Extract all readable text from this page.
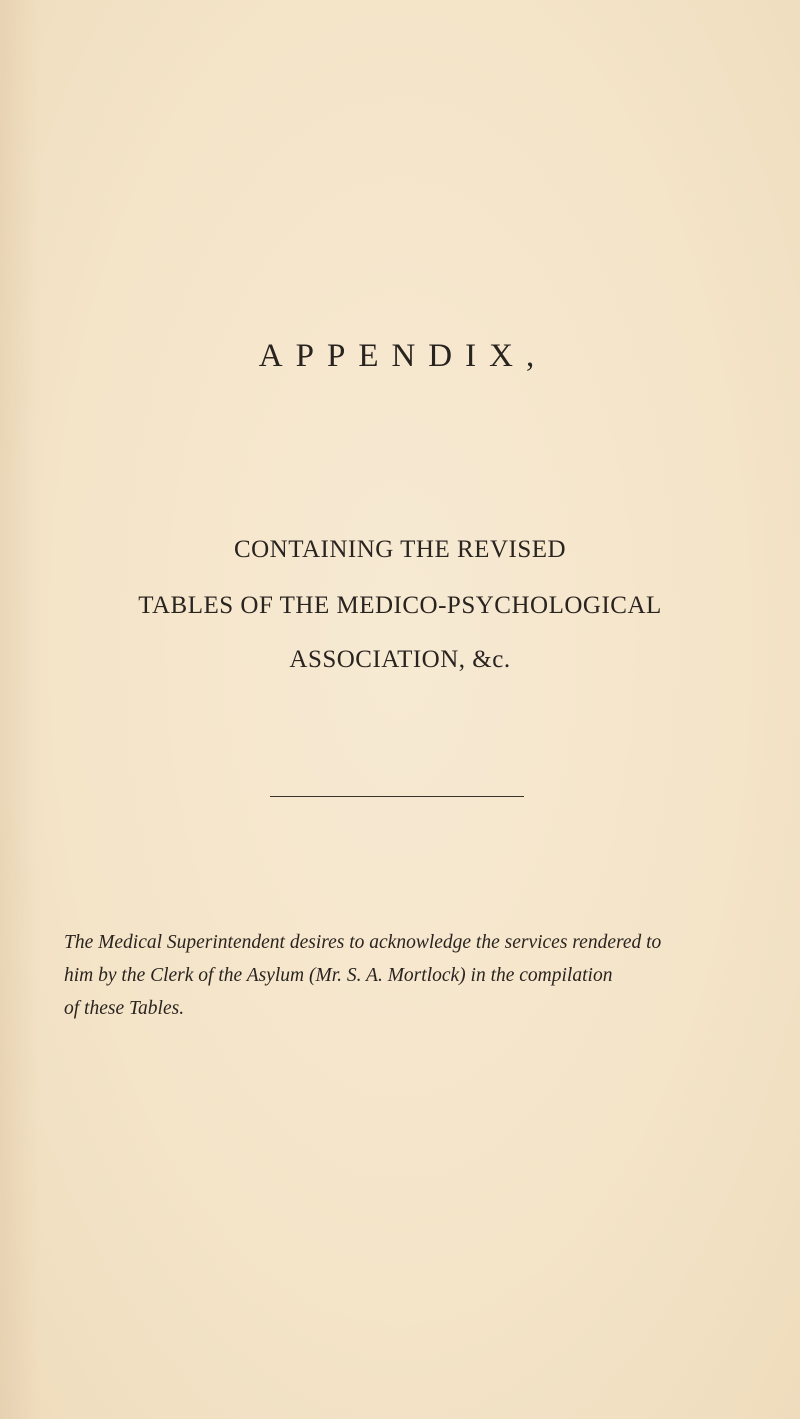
APPENDIX,
CONTAINING THE REVISED
TABLES OF THE MEDICO-PSYCHOLOGICAL
ASSOCIATION, &c.
The Medical Superintendent desires to acknowledge the services rendered to
him by the Clerk of the Asylum (Mr. S. A. Mortlock) in the compilation
of these Tables.
